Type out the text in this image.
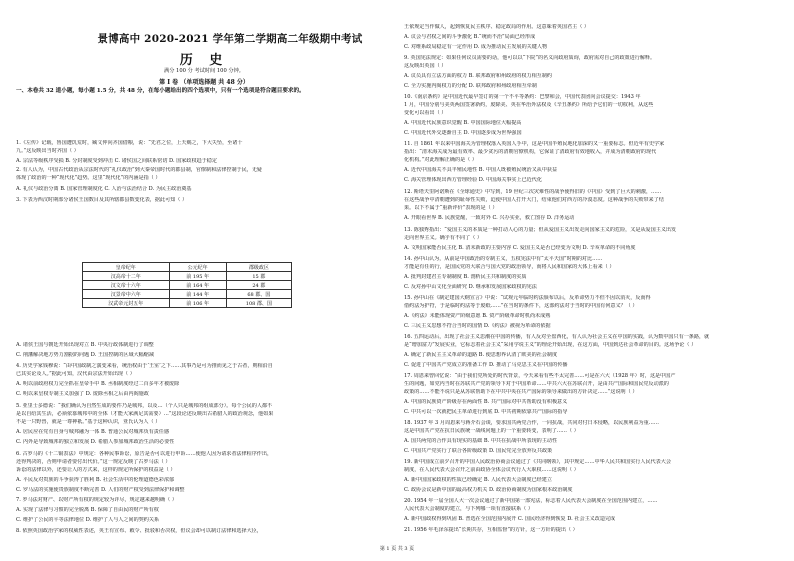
景博高中 2020-2021 学年第二学期高二年级期中考试
历 史
满分 100 分 考试时间 100 分钟。
第 I 卷 （单项选择题 共 48 分）
一、本卷共 32 道小题，每小题 1.5 分，共 48 分，在每小题给出的四个选项中，只有一个选项是符合题目要求的。
1.《左传》记载，鲁国遭饥荒时，臧文仲向齐国借粮，说：“先君之位，上天赐之，下大失坠，至诸十
九。”这反映出当时齐国（ ）
A. 宗法等级秩序受损 B. 分封制度受到冲击 C. 诸侯国之间联系密切 D. 国家政权趋于稳定
2. 有人认为，中国古代政治从宗法时代的“礼仪政治”到大秦帝国时代的郡县制，官僚制和法律控制于民，无疑
体现了政治的一种“现代化”趋势。这里“现代化”的内涵是指（ ）
A. 礼仪与政治分离 B. 国家管理制度化 C. 人治与法治结合 D. 为民主政治奠基
3. 下表为西汉时期部分诸侯王国数目及其所辖郡县数变化表，据此可知（ ）
A. 诸侯王国与朝廷开始出现对立 B. 中央行政体制进行了调整
C. 削藩解决地方势力割据的问题 D. 王国控制的区域大幅缩减
4. 历史学家钱穆说：“由中国政制之演变来看，统治权由于‘王室’之下……其事乃是可为推而见之于古者，则相沿自
已其实论及人。”据此可知，汉代由宗法开始出现（ ）
A. 明以前政府权力完全抓在皇帝手中 B. 丞相制度经过二百多年才被废除
C. 明以来皇权专制主义加强了 D. 废除丞相之后由内阁施政
5. 亚里士多德说：“我们确认为自然生成的要件乃是城邦，以及…（个人只是城邦的组成部分）。每个公民的人都不
是以自给其生活，必须依靠城邦中的全体（才能大家满足其需要）…”这段论述反映出古希腊人的政治观念，他如果
不是一只野兽，就是一尊神祇。”基于这种认识，亚氏认为人（ ）
A. 居民应在党有自身与城邦融为一体 B. 普通公民对城邦负有责任感
C. 内外是导致城邦的独立和发展 D. 希腊人参加城邦政治生活的必要性
6. 古罗马的《十二铜表法》中规定：各种民事诉讼，原告是否可以进行申诉……使他人因为请求者法律程序作出，
还得判决的，否则申请者要付出代价。”这一规定反映了古罗马法（ ）
诉讼的法律以外，还要让人的方式来，这样的规定所保护的权益是（ ）
A. 平民反对贵族的斗争获得了胜利 B. 社会生活中的伦理道德色彩浓郁
C. 罗马法的实施使贵族制度不断完善 D. 人们的财产权受到法律保护和调整
7. 罗马法对财产、以财产所有权的规定较为详尽，规定越来越明确（ ）
A. 实现了法律与习惯的完全脱离 B. 保障了自由民的财产所有权
C. 维护了公民的平等法律地位 D. 维护了人与人之间的契约关系
8. 依照英国政治学家的权威性表述，英王有宣布、敕令、批驳和否决权，但议会却可以制订法律和选择大臣，
皇帝纪年	公元纪年	郡级政区
汉高帝十二年	前 195 年	15 郡
汉文帝十六年	前 164 年	24 郡
汉景帝中六年	前 144 年	68 郡、国
汉武帝元封五年	前 106 年	108 郡、国
王依规定当作做人，起到恢复民主秩序、稳定政局的作用。这意味着英国君主（ ）
A. 议会与君权之间的斗争激化 B.“统而不治”局面已经形成
C. 对维系政局稳定有一定作用 D. 成为推动民主发展的关键人物
9. 英国宪法规定：如果任何议员需要的话，他可以以“下院”的名义向政府质询，政府需对自己的政策进行解释。
这反映出英国（ ）
A. 议员具有立法方面的权力 B. 联邦政府和州政府的权力相互制约
C. 全力实施内阁权力的分配 D. 联邦政府和州政府相互牵制
10.《南京条约》是中国近代最早签订的第一个不平等条约：巴黎和会，中国代表团向会议提交：1943 年
1 月，中国分别与美英两国签署新约，废除美、英在华治外法权及《辛丑条约》所给予它们的一切权利，从这些
变化可以看出（ ）
A. 中国近代民族意识觉醒 B. 中国国际地位大幅提高
C. 中国近代外交逐渐自主 D. 中国逐步成为世界强国
11. 自 1861 年以来中国海关为管理权落入英国人手中，这是中国半殖民地化加深的又一重要标志。但近年有史学家
指出：“清末海关成为最有效率、最少贪污的清朝官僚机构，它保证了清政府有效地收入，并成为清朝政府的现代
化机构。”对此理解正确的是（ ）
A. 近代中国海关不具半殖民地性 B. 中国人既被殖民统治又从中获益
C. 海关管理体现出西方管理经验 D. 中国海关事实上已近代化
12. 斯塔夫里阿诺斯在《全球通史》中写到，19 世纪三次灾难性的战争使得旧的《中国》受到了巨大的刺激，……
在这些战争中清朝遭到的耻辱性失败，迫使中国人打开大门，结束他们对西方的冷漠态度。这种战争的失败带来了结
果。以下不属于“重新评价”表现的是（ ）
A. 开眼看世界 B. 民族觉醒，一致对外 C. 兴办实业，救亡图存 D. 洋务运动
13. 陈独秀指出：“爱国主义的本质是一种打动人心的力量；但从爱国主义出发走向国家主义的危险，又是从爱国主义出发
走向世界主义。确乎有不同了（ ）
A. 文明国家能否民主化 B. 清末新政的主要内容 C. 爱国主义是否已经变为文明 D. 辛亥革命的不同角度
14. 孙中山认为，从前是中国政治的专制主义，五权宪法中有“太平天国”时期的对比……
才能是有任的行，是国民党的大联合与国大党的政治领导，而将人民和国家的大体上看来（ ）
A. 批判封建君主专制制度 B. 剖析民主共和制度的实质
C. 反对孙中山文化全面研究 D. 继承和发展国家政权的宪法
15. 孙中山在《制定建国大纲宣言》中说：“试观元年临时约法颁布以后，反革命势力不但不因以消灭，反而得
借约法为护符，于是临时约法等于废纸……”在当时的条件下，这部约法对于当时的中国有何意义？（ ）
A.《约法》未能体现资产阶级意愿 B. 资产阶级革命时机尚未成熟
C. 三民主义思想不符合当时的国情 D.《约法》被视为革命的依据
16. 五四运动后，出现了社会主义思潮在中国的传播，有人反对全盘西化，有人认为社会主义在中国的实践，认为数中国只有一条路，就
是“增加富力”发展实业，它标志着社会主义“采用学说主义”的理论开始出现，在这方面，中国到达社会革命的目的。这场争论（ ）
A. 确定了新民主主义革命的道路 B. 使思想界认清了欧美的社会制度
C. 促进了中国共产党成立的准备工作 D. 推动了马克思主义在中国的传播
17. 周恩来曾回忆说：“由于我们党所处的时代背景，今天来看有些不太完善……可是在六大（1928 年）时，这是中国产
生的问题，如党内当时在苏联共产党的领导下对于中国革命……中共六大在苏联召开，是由共产国际和国民党反动派的
政策的……不能不说只是从苏联帮助下在中共中央在共产国际的领导来做出的方针决定……”这说明（ ）
A. 中国的民族资产阶级存在两面性 B. 共产国际对中共帮助没有积极意义
C. 中共可以一次就把民主革命进行到底 D. 中共初期依靠共产国际的指导
18. 1937 年 3 月周恩来与蒋介石会谈，要求国共两党合作，一同抗战，共同对付日本侵略，以民族利益为重……
这是中国共产党在抗日民族统一战线问题上的一个重要转变，表明了……（ ）
A. 国共两党的合作具有现实的基础 B. 中共在抗战中所表现的主动性
C. 中国共产党实行了联合各阶级政策 D. 国民党完全放弃反共政策
19. 新中国成立前夕召开的中国人民政治协商会议通过了《共同纲领》，其中规定……中华人民共和国实行人民代表大会
制度，在人民代表大会召开之前由政协全体会议代行人大职权……这说明（ ）
A. 新中国国家政权的性质已经确定 B. 人民代表大会制度已经建立
C. 政协会议是新中国的最高权力机关 D. 政治协商制度为国家根本政治制度
20. 1954 年一届全国人大一次会议通过了新中国第一部宪法，标志着人民代表大会制度在全国范围内建立，……
人民代表大会制度的建立，与下列哪一项有直接联系（ ）
A. 新中国政权得到巩固 B. 普选在全国范围内展开 C. 国民经济得到恢复 D. 社会主义改造完成
21. 1956 年毛泽东提出“长期共存，互相监督”的方针，这一方针的提出（ ）
第 1 页 共 3 页
